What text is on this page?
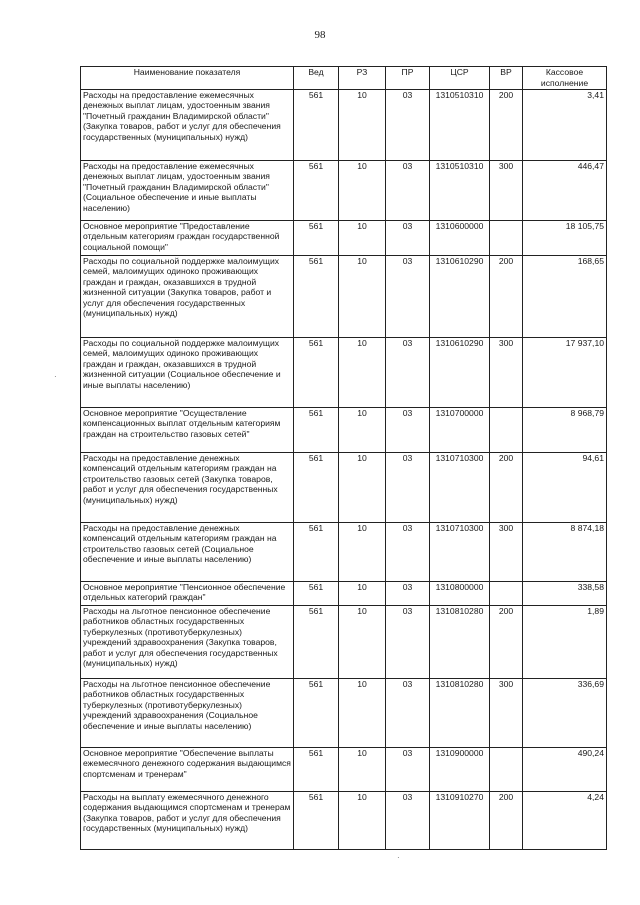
98
Наименование показателя	Вед	РЗ	ПР	ЦСР	ВР	Кассовое исполнение
Расходы на предоставление ежемесячных денежных выплат лицам, удостоенным звания "Почетный гражданин Владимирской области" (Закупка товаров, работ и услуг для обеспечения государственных (муниципальных) нужд)	561	10	03	1310510310	200	3,41
Расходы на предоставление ежемесячных денежных выплат лицам, удостоенным звания "Почетный гражданин Владимирской области" (Социальное обеспечение и иные выплаты населению)	561	10	03	1310510310	300	446,47
Основное мероприятие "Предоставление отдельным категориям граждан государственной социальной помощи"	561	10	03	1310600000		18 105,75
Расходы по социальной поддержке малоимущих семей, малоимущих одиноко проживающих граждан и граждан, оказавшихся в трудной жизненной ситуации (Закупка товаров, работ и услуг для обеспечения государственных (муниципальных) нужд)	561	10	03	1310610290	200	168,65
Расходы по социальной поддержке малоимущих семей, малоимущих одиноко проживающих граждан и граждан, оказавшихся в трудной жизненной ситуации (Социальное обеспечение и иные выплаты населению)	561	10	03	1310610290	300	17 937,10
Основное мероприятие "Осуществление компенсационных выплат отдельным категориям граждан на строительство газовых сетей"	561	10	03	1310700000		8 968,79
Расходы на предоставление денежных компенсаций отдельным категориям граждан на строительство газовых сетей (Закупка товаров, работ и услуг для обеспечения государственных (муниципальных) нужд)	561	10	03	1310710300	200	94,61
Расходы на предоставление денежных компенсаций отдельным категориям граждан на строительство газовых сетей (Социальное обеспечение и иные выплаты населению)	561	10	03	1310710300	300	8 874,18
Основное мероприятие "Пенсионное обеспечение отдельных категорий граждан"	561	10	03	1310800000		338,58
Расходы на льготное пенсионное обеспечение работников областных государственных туберкулезных (противотуберкулезных) учреждений здравоохранения (Закупка товаров, работ и услуг для обеспечения государственных (муниципальных) нужд)	561	10	03	1310810280	200	1,89
Расходы на льготное пенсионное обеспечение работников областных государственных туберкулезных (противотуберкулезных) учреждений здравоохранения (Социальное обеспечение и иные выплаты населению)	561	10	03	1310810280	300	336,69
Основное мероприятие "Обеспечение выплаты ежемесячного денежного содержания выдающимся спортсменам и тренерам"	561	10	03	1310900000		490,24
Расходы на выплату ежемесячного денежного содержания выдающимся спортсменам и тренерам (Закупка товаров, работ и услуг для обеспечения государственных (муниципальных) нужд)	561	10	03	1310910270	200	4,24
·
·
